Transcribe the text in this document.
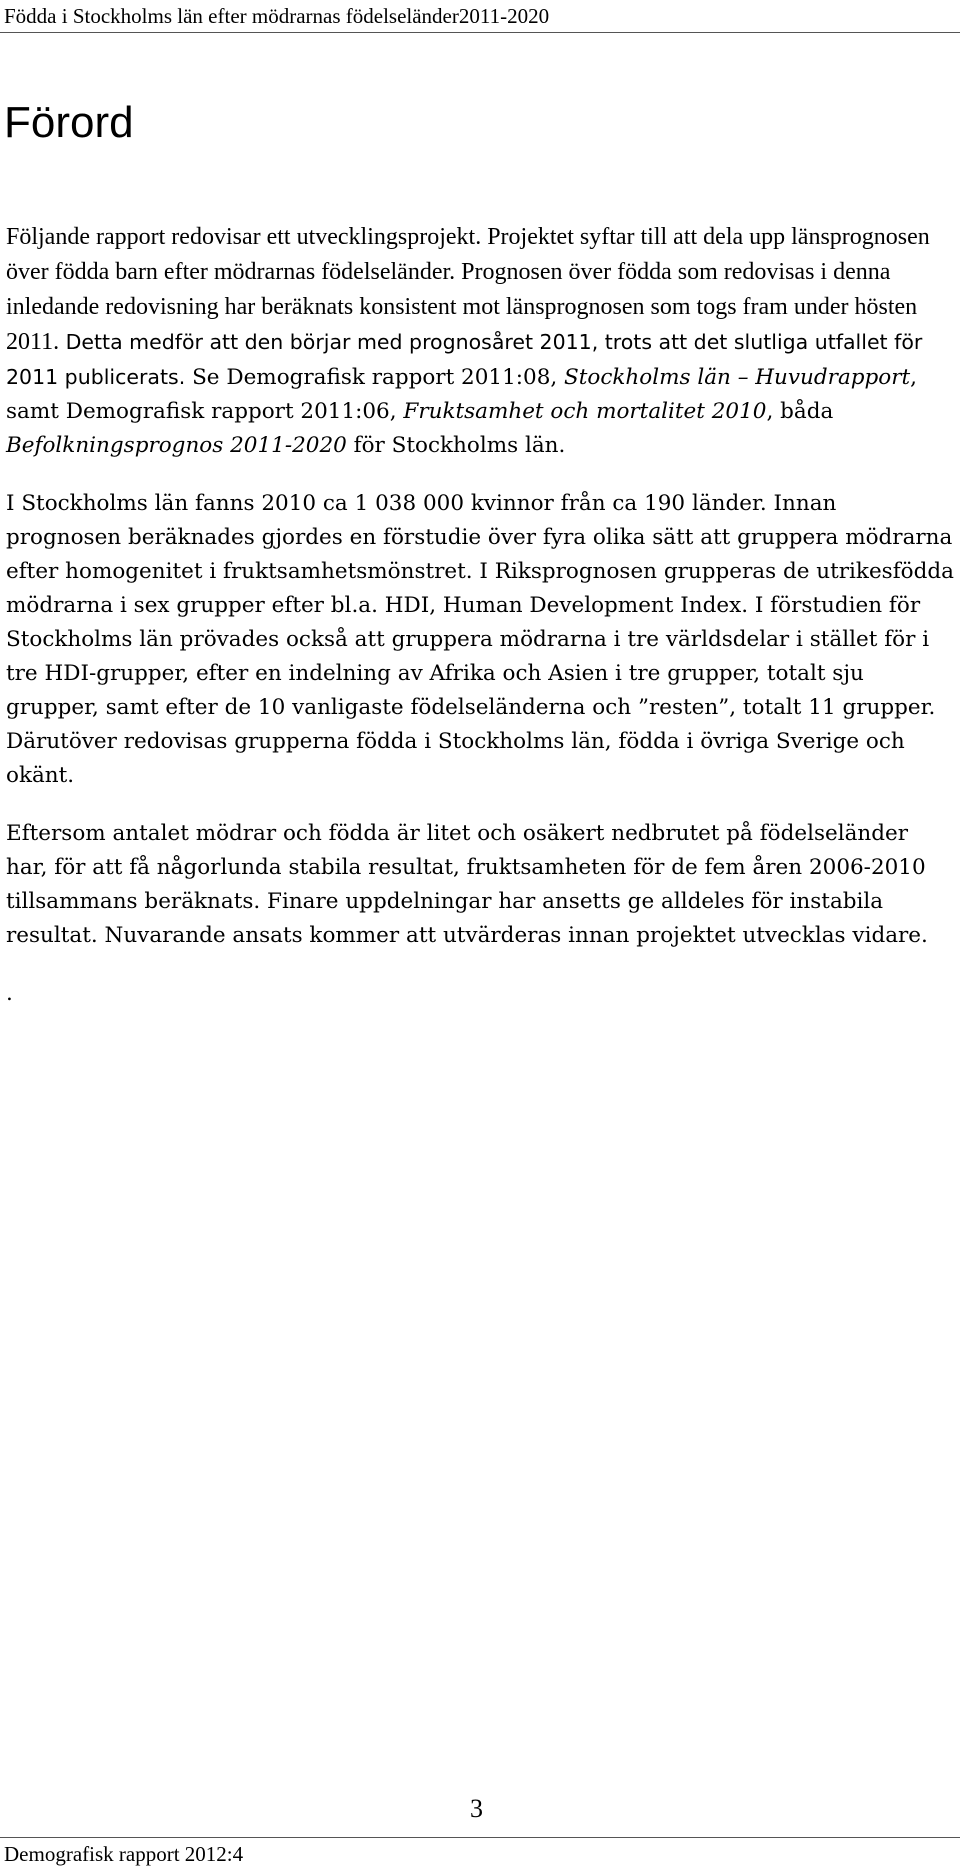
Födda i Stockholms län efter mödrarnas födelseländer2011-2020
Förord

Följande rapport redovisar ett utvecklingsprojekt. Projektet syftar till att dela upp länsprognosen över födda barn efter mödrarnas födelseländer. Prognosen över födda som redovisas i denna inledande redovisning har beräknats konsistent mot länsprognosen som togs fram under hösten 2011. Detta medför att den börjar med prognosåret 2011, trots att det slutliga utfallet för 2011 publicerats. Se Demografisk rapport 2011:08, Stockholms län – Huvudrapport, samt Demografisk rapport 2011:06, Fruktsamhet och mortalitet 2010, båda Befolkningsprognos 2011-2020 för Stockholms län.

I Stockholms län fanns 2010 ca 1 038 000 kvinnor från ca 190 länder. Innan prognosen beräknades gjordes en förstudie över fyra olika sätt att gruppera mödrarna efter homogenitet i fruktsamhetsmönstret. I Riksprognosen grupperas de utrikesfödda mödrarna i sex grupper efter bl.a. HDI, Human Development Index. I förstudien för Stockholms län prövades också att gruppera mödrarna i tre världsdelar i stället för i tre HDI-grupper, efter en indelning av Afrika och Asien i tre grupper, totalt sju grupper, samt efter de 10 vanligaste födelseländerna och ”resten”, totalt 11 grupper. Därutöver redovisas grupperna födda i Stockholms län, födda i övriga Sverige och okänt.

Eftersom antalet mödrar och födda är litet och osäkert nedbrutet på födelseländer har, för att få någorlunda stabila resultat, fruktsamheten för de fem åren 2006-2010 tillsammans beräknats. Finare uppdelningar har ansetts ge alldeles för instabila resultat. Nuvarande ansats kommer att utvärderas innan projektet utvecklas vidare.

.

3
Demografisk rapport 2012:4
